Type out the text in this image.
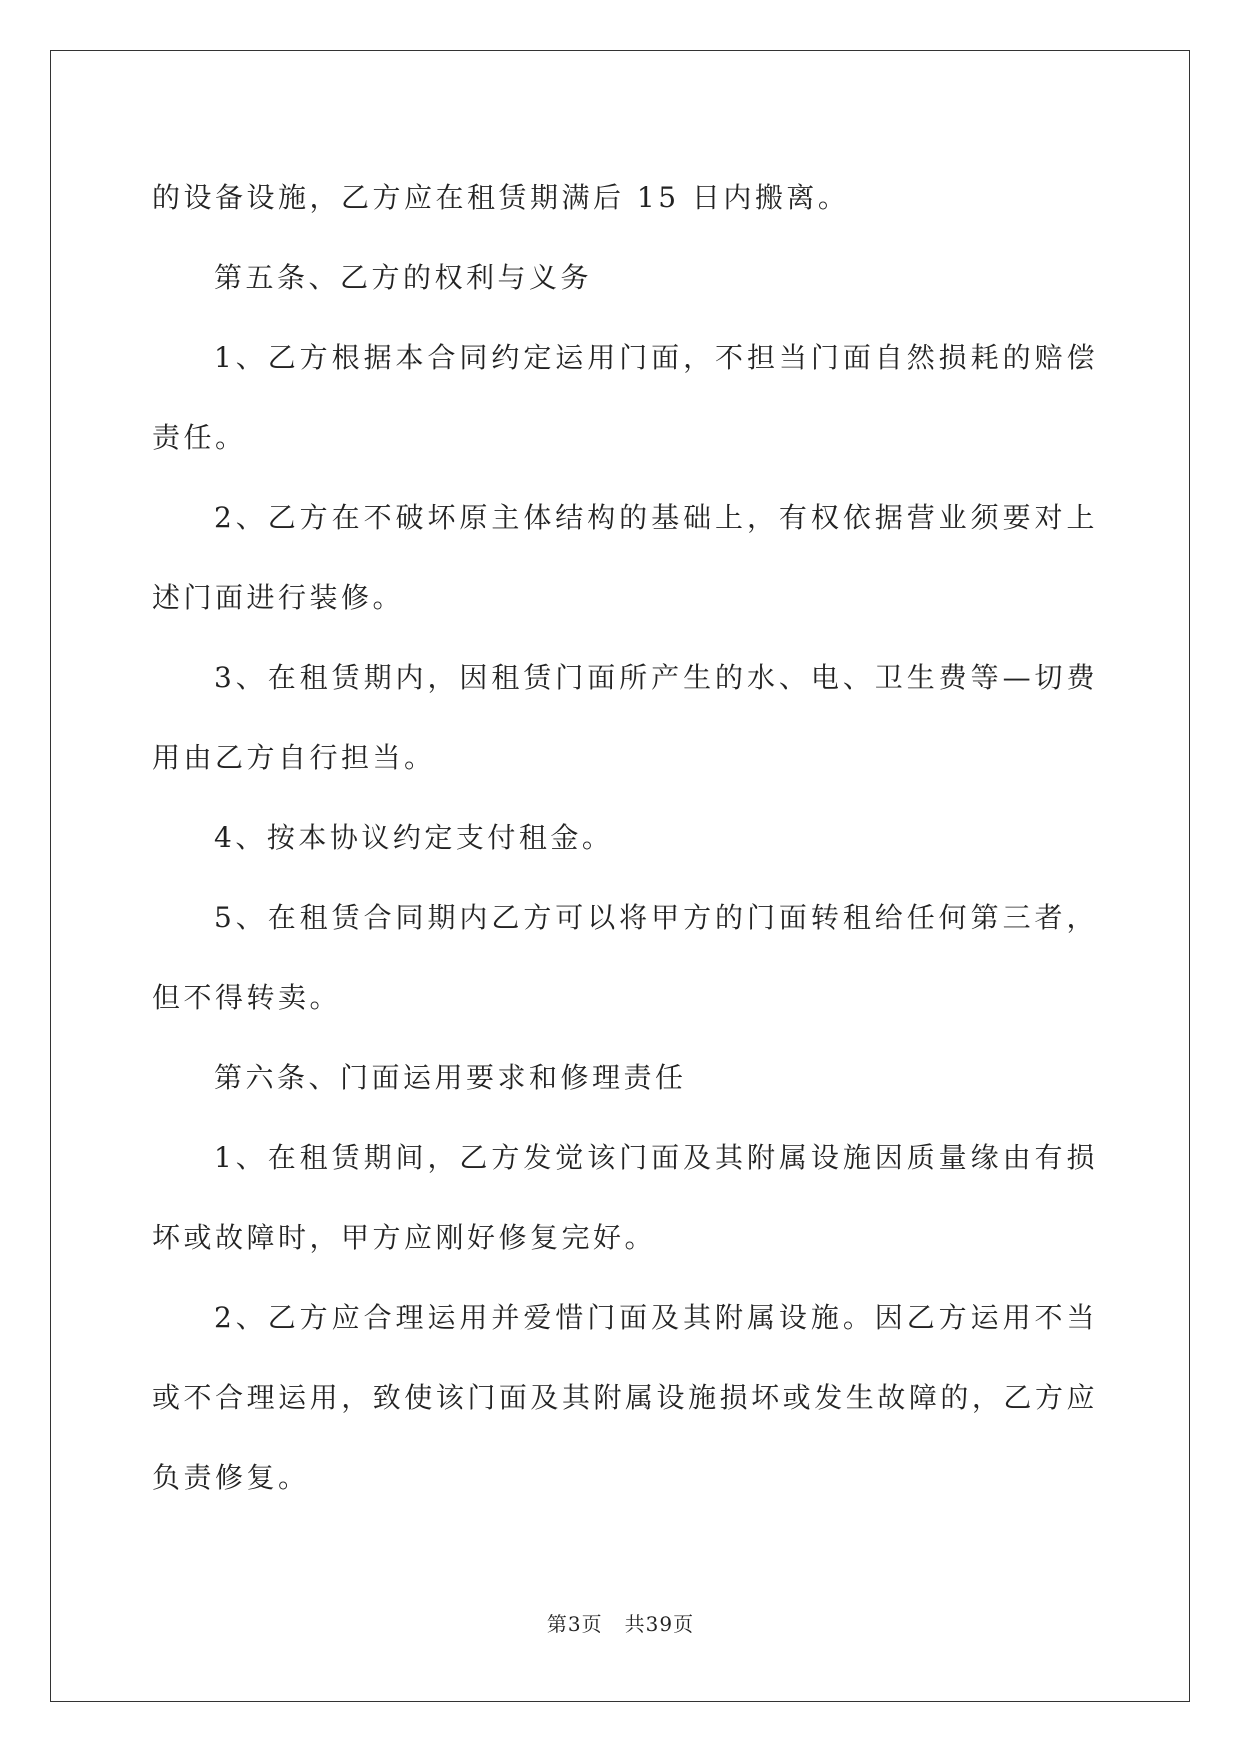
的设备设施，乙方应在租赁期满后 15 日内搬离。

第五条、乙方的权利与义务

1、乙方根据本合同约定运用门面，不担当门面自然损耗的赔偿责任。

2、乙方在不破坏原主体结构的基础上，有权依据营业须要对上述门面进行装修。

3、在租赁期内，因租赁门面所产生的水、电、卫生费等—切费用由乙方自行担当。

4、按本协议约定支付租金。

5、在租赁合同期内乙方可以将甲方的门面转租给任何第三者，但不得转卖。

第六条、门面运用要求和修理责任

1、在租赁期间，乙方发觉该门面及其附属设施因质量缘由有损坏或故障时，甲方应刚好修复完好。

2、乙方应合理运用并爱惜门面及其附属设施。因乙方运用不当或不合理运用，致使该门面及其附属设施损坏或发生故障的，乙方应负责修复。

第3页 共39页
